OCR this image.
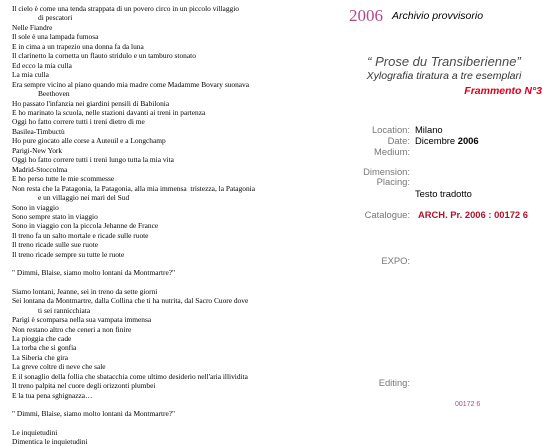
Il cielo è come una tenda strappata di un povero circo in un piccolo villaggio
di pescatori
Nelle Fiandre
Il sole è una lampada fumosa
E in cima a un trapezio una donna fa da luna
Il clarinetto la cornetta un flauto stridulo e un tamburo stonato
Ed ecco la mia culla
La mia culla
Era sempre vicino al piano quando mia madre come Madamme Bovary suonava
Beethoven
Ho passato l'infanzia nei giardini pensili di Babilonia
E ho marinato la scuola, nelle stazioni davanti ai treni in partenza
Oggi ho fatto correre tutti i treni dietro di me
Basilea-Timbuctù
Ho pure giocato alle corse a Auteuil e a Longchamp
Parigi-New York
Oggi ho fatto correre tutti i treni lungo tutta la mia vita
Madrid-Stoccolma
E ho perso tutte le mie scommesse
Non resta che la Patagonia, la Patagonia, alla mia immensa  tristezza, la Patagonia
e un villaggio nei mari del Sud
Sono in viaggio
Sono sempre stato in viaggio
Sono in viaggio con la piccola Jehanne de France
Il treno fa un salto mortale e ricade sulle ruote
Il treno ricade sulle sue ruote
Il treno ricade sempre su tutte le ruote
" Dimmi, Blaise, siamo molto lontani da Montmartre?"
Siamo lontani, Jeanne, sei in treno da sette giorni
Sei lontana da Montmartre, dalla Collina che ti ha nutrita, dal Sacro Cuore dove
ti sei rannicchiata
Parigi è scomparsa nella sua vampata immensa
Non restano altro che ceneri a non finire
La pioggia che cade
La torba che si gonfia
La Siberia che gira
La greve coltre di neve che sale
E il sonaglio della follia che sbatacchia come ultimo desiderio nell'aria illividita
Il treno palpita nel cuore degli orizzonti plumbei
E la tua pena sghignazza…
" Dimmi, Blaise, siamo molto lontani da Montmartre?"
Le inquietudini
Dimentica le inquietudini
2006 Archivio provvisorio
“ Prose du Transiberienne”
Xylografia tiratura a tre esemplari
Frammento N°3
Location: Milano
Date: Dicembre 2006
Medium:
Dimension:
Placing:
Testo tradotto
Catalogue: ARCH. Pr. 2006 : 00172 6
EXPO:
Editing:
00172 6
